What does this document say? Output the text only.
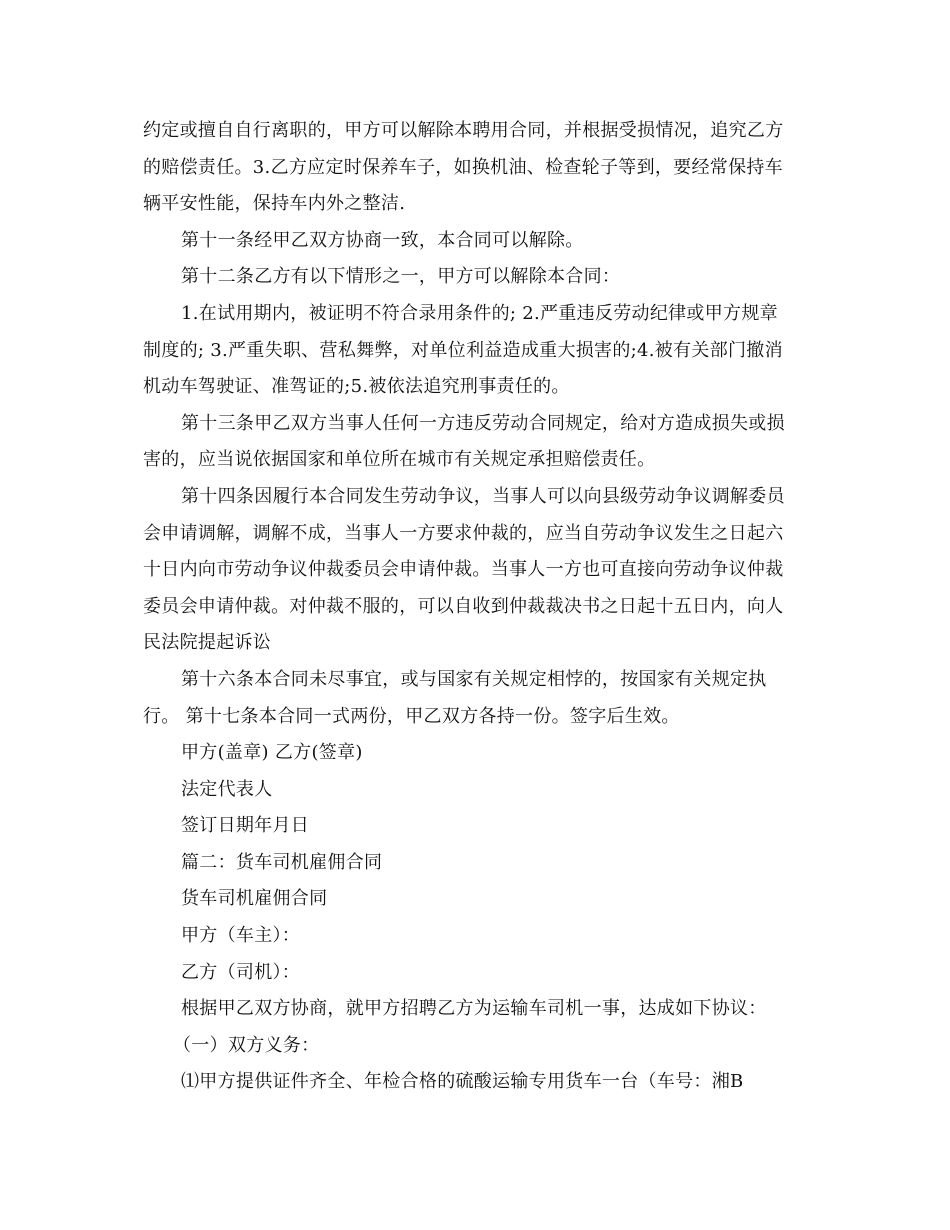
约定或擅自自行离职的，甲方可以解除本聘用合同，并根据受损情况，追究乙方
的赔偿责任。3.乙方应定时保养车子，如换机油、检查轮子等到，要经常保持车
辆平安性能，保持车内外之整洁.
第十一条经甲乙双方协商一致，本合同可以解除。
第十二条乙方有以下情形之一，甲方可以解除本合同：
1.在试用期内，被证明不符合录用条件的; 2.严重违反劳动纪律或甲方规章
制度的; 3.严重失职、营私舞弊，对单位利益造成重大损害的;4.被有关部门撤消
机动车驾驶证、准驾证的;5.被依法追究刑事责任的。
第十三条甲乙双方当事人任何一方违反劳动合同规定，给对方造成损失或损
害的，应当说依据国家和单位所在城市有关规定承担赔偿责任。
第十四条因履行本合同发生劳动争议，当事人可以向县级劳动争议调解委员
会申请调解，调解不成，当事人一方要求仲裁的，应当自劳动争议发生之日起六
十日内向市劳动争议仲裁委员会申请仲裁。当事人一方也可直接向劳动争议仲裁
委员会申请仲裁。对仲裁不服的，可以自收到仲裁裁决书之日起十五日内，向人
民法院提起诉讼
第十六条本合同未尽事宜，或与国家有关规定相悖的，按国家有关规定执
行。 第十七条本合同一式两份，甲乙双方各持一份。签字后生效。
甲方(盖章) 乙方(签章)
法定代表人
签订日期年月日
篇二：货车司机雇佣合同
货车司机雇佣合同
甲方（车主）：
乙方（司机）：
根据甲乙双方协商，就甲方招聘乙方为运输车司机一事，达成如下协议：
（一）双方义务：
⑴甲方提供证件齐全、年检合格的硫酸运输专用货车一台（车号：湘B
